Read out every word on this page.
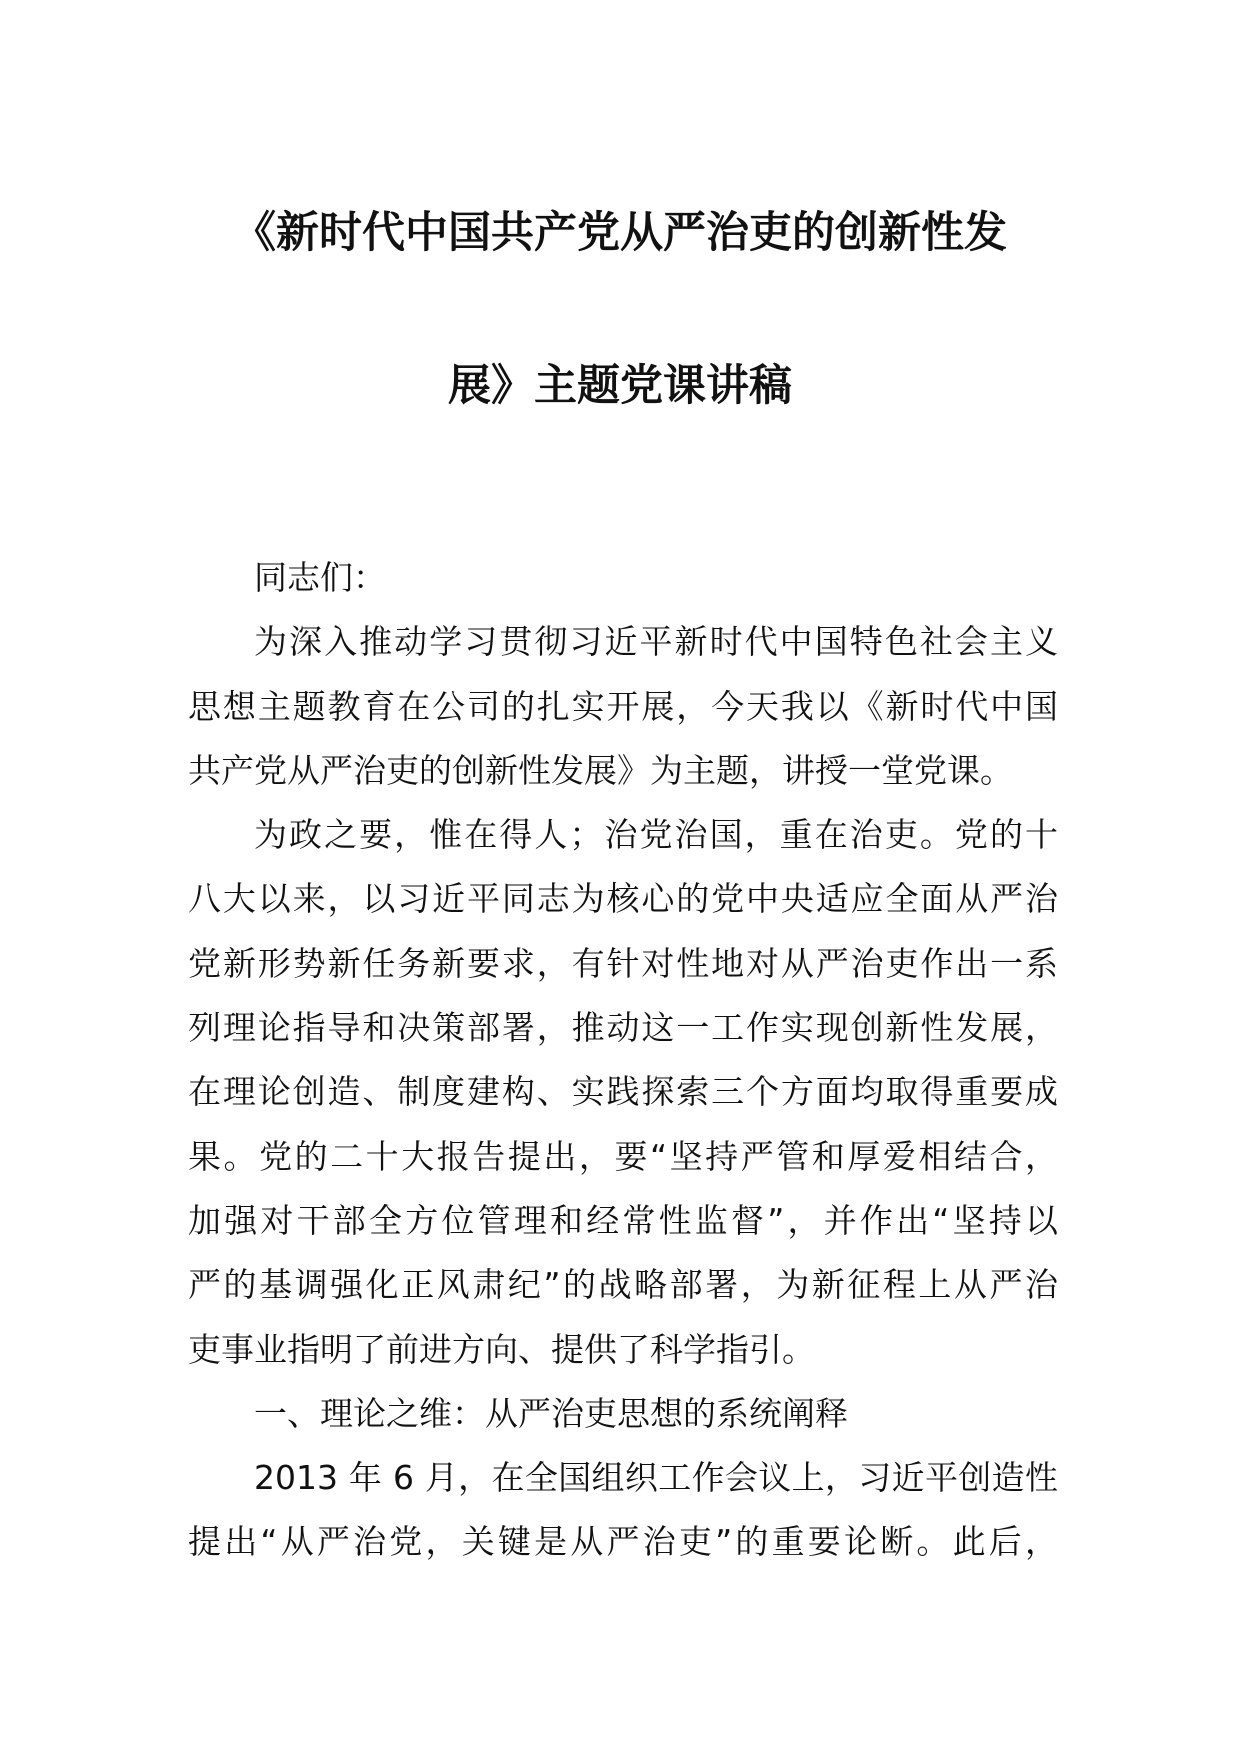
《新时代中国共产党从严治吏的创新性发
展》主题党课讲稿
同志们：
为深入推动学习贯彻习近平新时代中国特色社会主义
思想主题教育在公司的扎实开展，今天我以《新时代中国
共产党从严治吏的创新性发展》为主题，讲授一堂党课。
为政之要，惟在得人；治党治国，重在治吏。党的十
八大以来，以习近平同志为核心的党中央适应全面从严治
党新形势新任务新要求，有针对性地对从严治吏作出一系
列理论指导和决策部署，推动这一工作实现创新性发展，
在理论创造、制度建构、实践探索三个方面均取得重要成
果。党的二十大报告提出，要“坚持严管和厚爱相结合，
加强对干部全方位管理和经常性监督”，并作出“坚持以
严的基调强化正风肃纪”的战略部署，为新征程上从严治
吏事业指明了前进方向、提供了科学指引。
一、理论之维：从严治吏思想的系统阐释
2013 年 6 月，在全国组织工作会议上，习近平创造性
提出“从严治党，关键是从严治吏”的重要论断。此后，
